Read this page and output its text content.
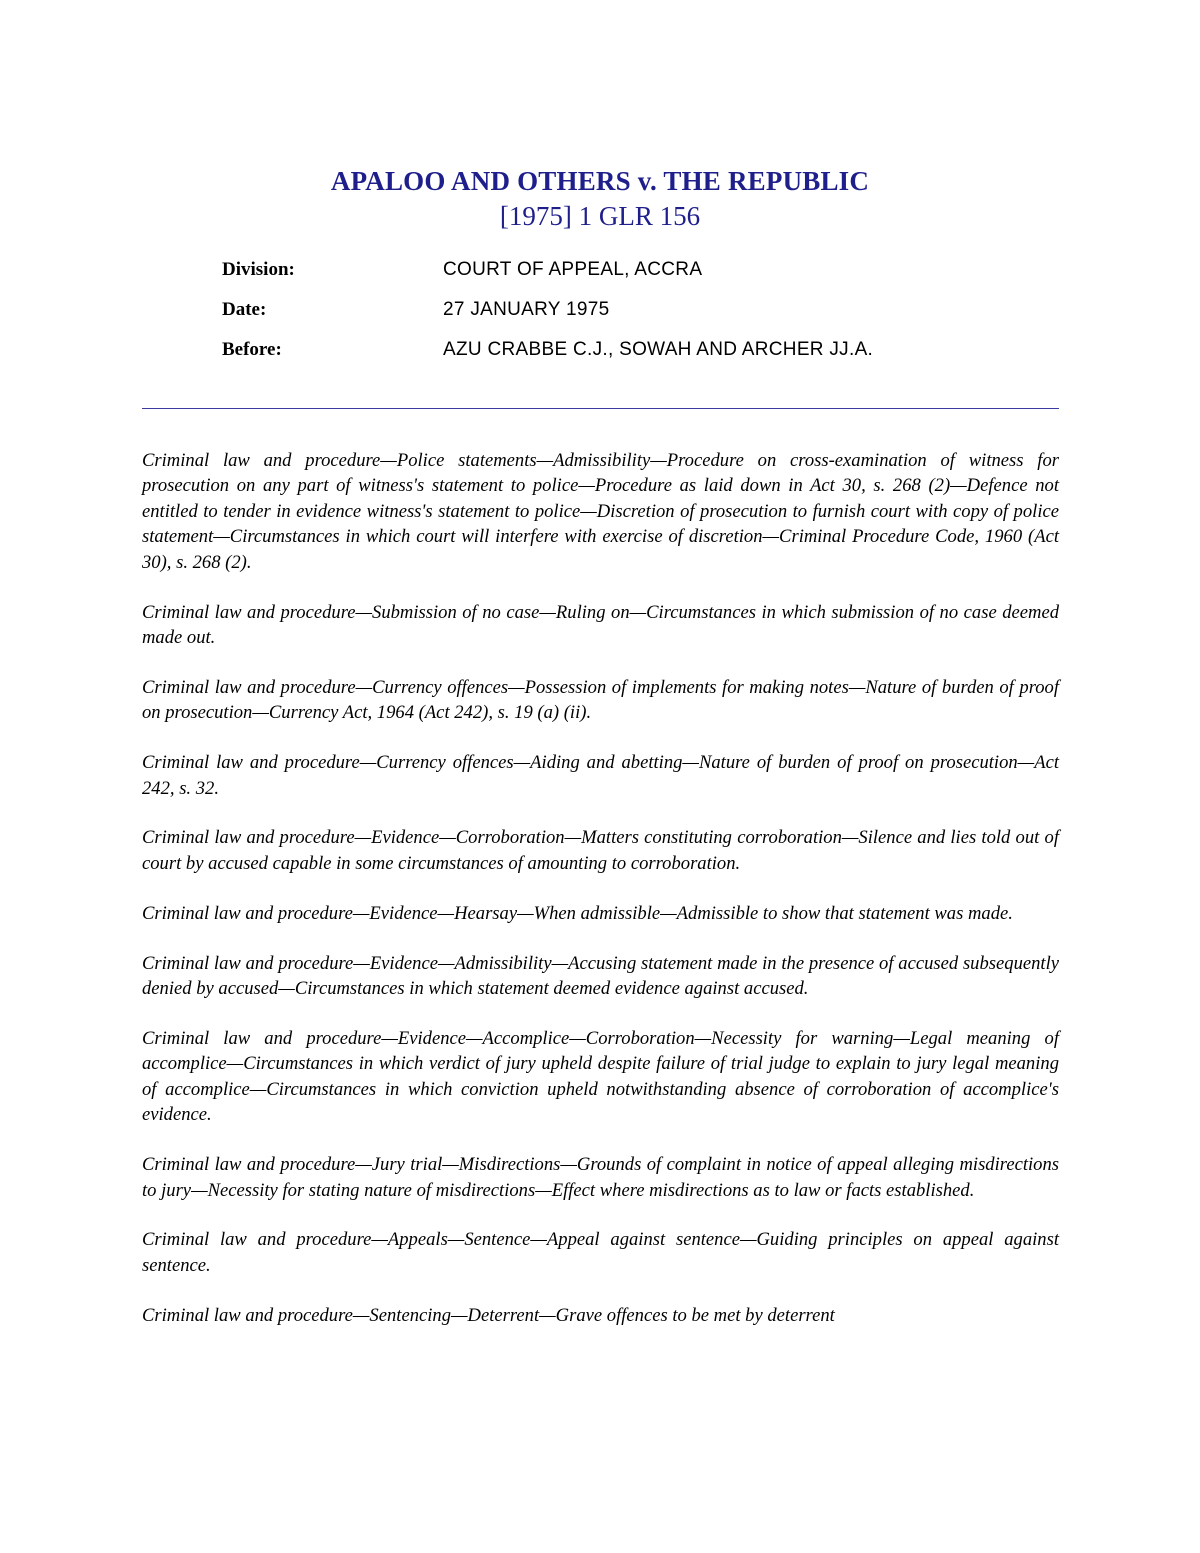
APALOO AND OTHERS v. THE REPUBLIC
[1975] 1 GLR 156
Division:	COURT OF APPEAL, ACCRA
Date:	27 JANUARY 1975
Before:	AZU CRABBE C.J., SOWAH AND ARCHER JJ.A.

Criminal law and procedure—Police statements—Admissibility—Procedure on cross-examination of witness for prosecution on any part of witness's statement to police—Procedure as laid down in Act 30, s. 268 (2)—Defence not entitled to tender in evidence witness's statement to police—Discretion of prosecution to furnish court with copy of police statement—Circumstances in which court will interfere with exercise of discretion—Criminal Procedure Code, 1960 (Act 30), s. 268 (2).

Criminal law and procedure—Submission of no case—Ruling on—Circumstances in which submission of no case deemed made out.

Criminal law and procedure—Currency offences—Possession of implements for making notes—Nature of burden of proof on prosecution—Currency Act, 1964 (Act 242), s. 19 (a) (ii).

Criminal law and procedure—Currency offences—Aiding and abetting—Nature of burden of proof on prosecution—Act 242, s. 32.

Criminal law and procedure—Evidence—Corroboration—Matters constituting corroboration—Silence and lies told out of court by accused capable in some circumstances of amounting to corroboration.

Criminal law and procedure—Evidence—Hearsay—When admissible—Admissible to show that statement was made.

Criminal law and procedure—Evidence—Admissibility—Accusing statement made in the presence of accused subsequently denied by accused—Circumstances in which statement deemed evidence against accused.

Criminal law and procedure—Evidence—Accomplice—Corroboration—Necessity for warning—Legal meaning of accomplice—Circumstances in which verdict of jury upheld despite failure of trial judge to explain to jury legal meaning of accomplice—Circumstances in which conviction upheld notwithstanding absence of corroboration of accomplice's evidence.

Criminal law and procedure—Jury trial—Misdirections—Grounds of complaint in notice of appeal alleging misdirections to jury—Necessity for stating nature of misdirections—Effect where misdirections as to law or facts established.

Criminal law and procedure—Appeals—Sentence—Appeal against sentence—Guiding principles on appeal against sentence.

Criminal law and procedure—Sentencing—Deterrent—Grave offences to be met by deterrent
